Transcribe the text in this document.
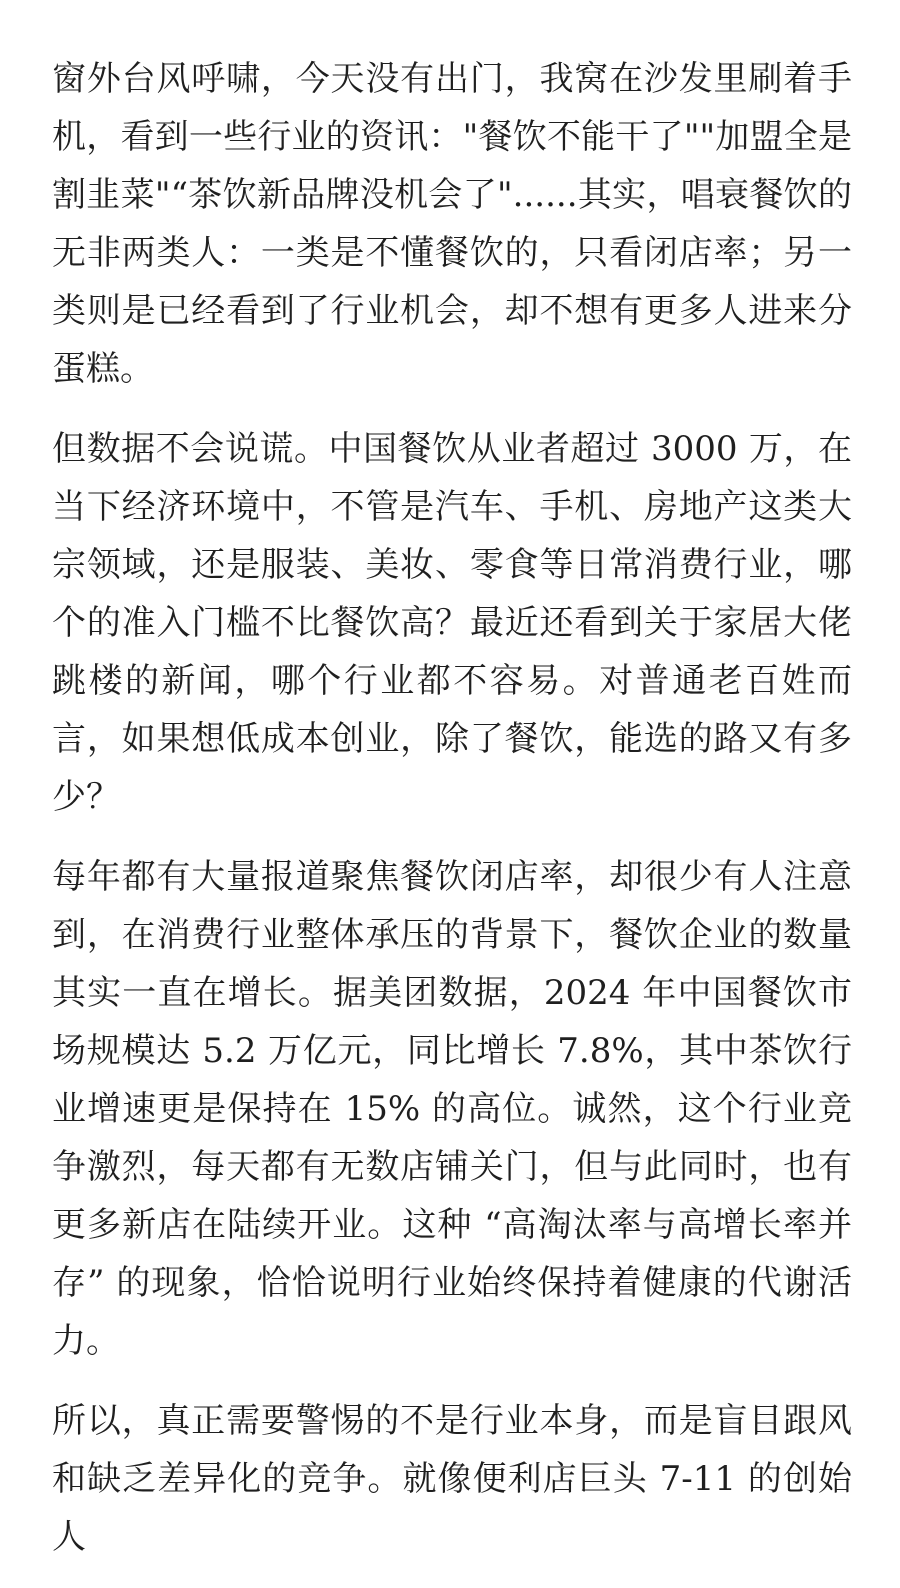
窗外台风呼啸，今天没有出门，我窝在沙发里刷着手机，看到一些行业的资讯："餐饮不能干了""加盟全是割韭菜"“茶饮新品牌没机会了"......其实，唱衰餐饮的无非两类人：一类是不懂餐饮的，只看闭店率；另一类则是已经看到了行业机会，却不想有更多人进来分蛋糕。

但数据不会说谎。中国餐饮从业者超过 3000 万，在当下经济环境中，不管是汽车、手机、房地产这类大宗领域，还是服装、美妆、零食等日常消费行业，哪个的准入门槛不比餐饮高？最近还看到关于家居大佬跳楼的新闻，哪个行业都不容易。对普通老百姓而言，如果想低成本创业，除了餐饮，能选的路又有多少？

每年都有大量报道聚焦餐饮闭店率，却很少有人注意到，在消费行业整体承压的背景下，餐饮企业的数量其实一直在增长。据美团数据，2024 年中国餐饮市场规模达 5.2 万亿元，同比增长 7.8%，其中茶饮行业增速更是保持在 15% 的高位。诚然，这个行业竞争激烈，每天都有无数店铺关门，但与此同时，也有更多新店在陆续开业。这种 “高淘汰率与高增长率并存” 的现象，恰恰说明行业始终保持着健康的代谢活力。

所以，真正需要警惕的不是行业本身，而是盲目跟风和缺乏差异化的竞争。就像便利店巨头 7-11 的创始人
